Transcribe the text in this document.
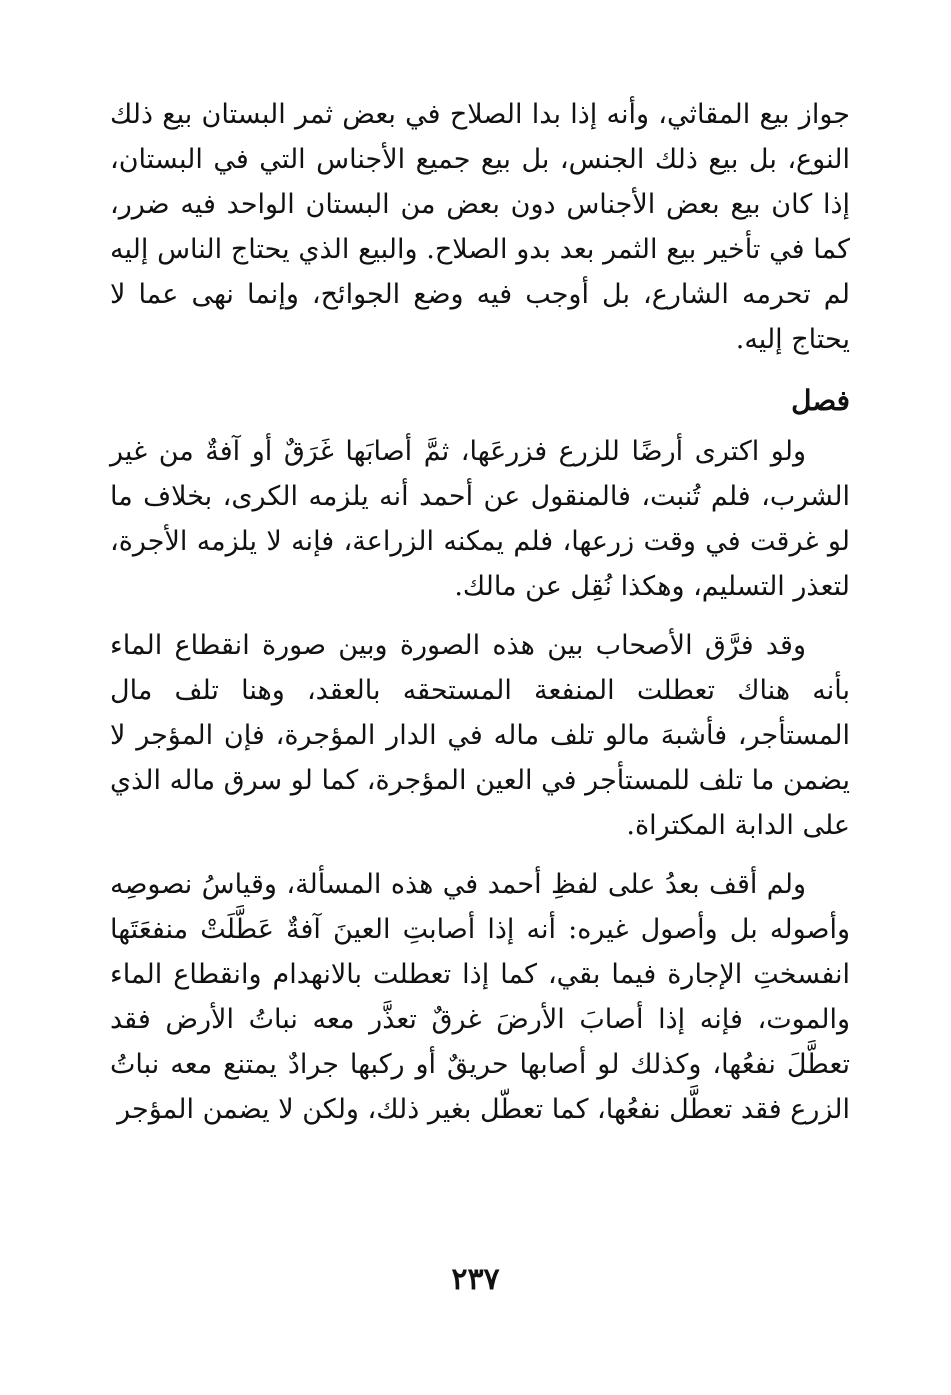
جواز بيع المقاثي، وأنه إذا بدا الصلاح في بعض ثمر البستان بيع ذلك النوع، بل بيع ذلك الجنس، بل بيع جميع الأجناس التي في البستان، إذا كان بيع بعض الأجناس دون بعض من البستان الواحد فيه ضرر، كما في تأخير بيع الثمر بعد بدو الصلاح. والبيع الذي يحتاج الناس إليه لم تحرمه الشارع، بل أوجب فيه وضع الجوائح، وإنما نهى عما لا يحتاج إليه.

فصل

ولو اكترى أرضًا للزرع فزرعَها، ثمَّ أصابَها غَرَقٌ أو آفةٌ من غير الشرب، فلم تُنبت، فالمنقول عن أحمد أنه يلزمه الكرى، بخلاف ما لو غرقت في وقت زرعها، فلم يمكنه الزراعة، فإنه لا يلزمه الأجرة، لتعذر التسليم، وهكذا نُقِل عن مالك.

وقد فرَّق الأصحاب بين هذه الصورة وبين صورة انقطاع الماء بأنه هناك تعطلت المنفعة المستحقه بالعقد، وهنا تلف مال المستأجر، فأشبهَ مالو تلف ماله في الدار المؤجرة، فإن المؤجر لا يضمن ما تلف للمستأجر في العين المؤجرة، كما لو سرق ماله الذي على الدابة المكتراة.

ولم أقف بعدُ على لفظِ أحمد في هذه المسألة، وقياسُ نصوصِه وأصوله بل وأصول غيره: أنه إذا أصابتِ العينَ آفةٌ عَطَّلَتْ منفعَتَها انفسختِ الإجارة فيما بقي، كما إذا تعطلت بالانهدام وانقطاع الماء والموت، فإنه إذا أصابَ الأرضَ غرقٌ تعذَّر معه نباتُ الأرض فقد تعطَّلَ نفعُها، وكذلك لو أصابها حريقٌ أو ركبها جرادٌ يمتنع معه نباتُ الزرع فقد تعطَّل نفعُها، كما تعطّل بغير ذلك، ولكن لا يضمن المؤجر

٢٣٧
